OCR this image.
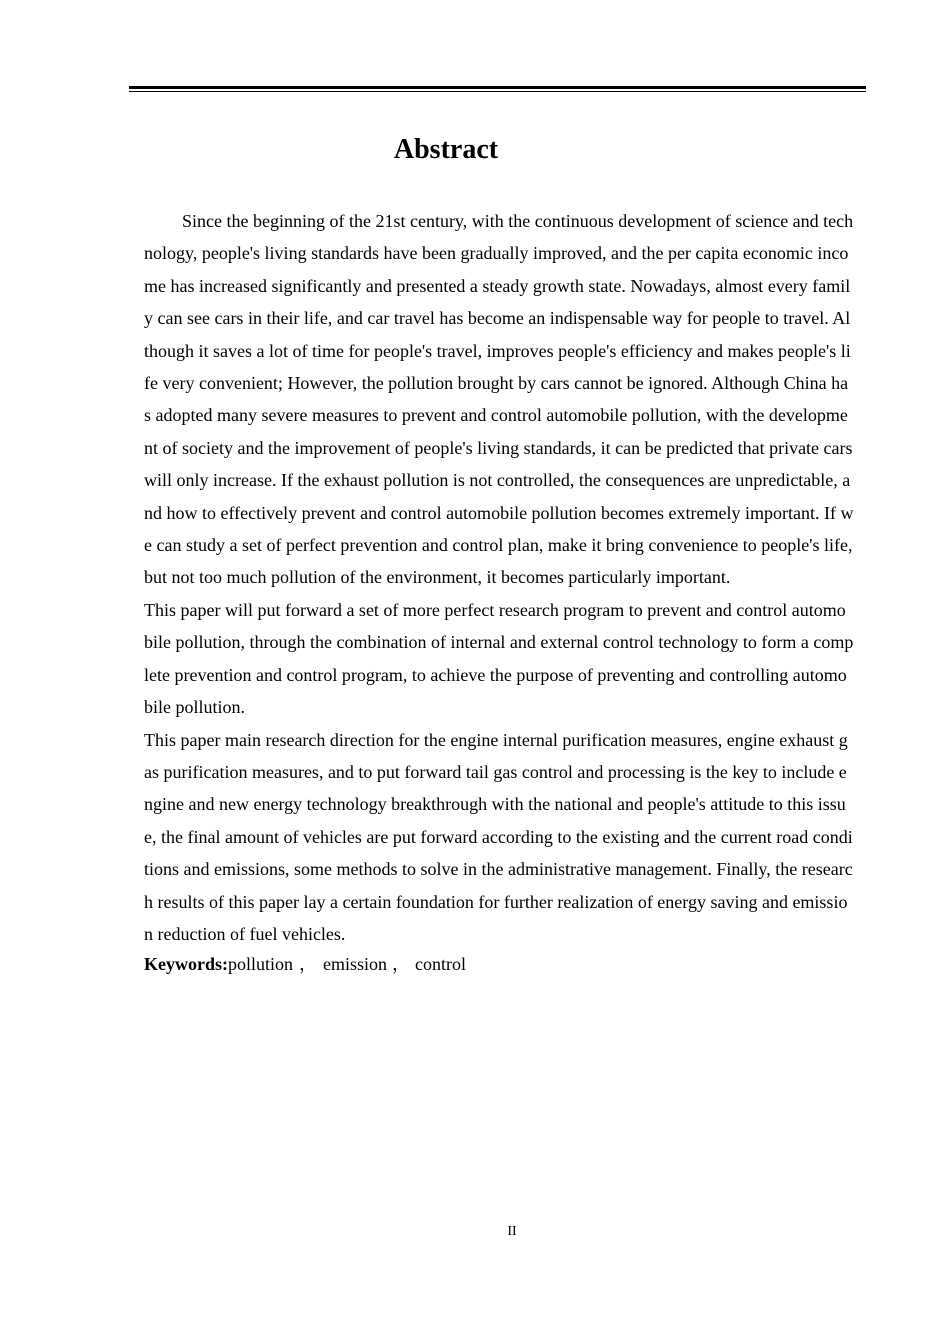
Abstract

Since the beginning of the 21st century, with the continuous development of science and technology, people's living standards have been gradually improved, and the per capita economic income has increased significantly and presented a steady growth state. Nowadays, almost every family can see cars in their life, and car travel has become an indispensable way for people to travel. Although it saves a lot of time for people's travel, improves people's efficiency and makes people's life very convenient; However, the pollution brought by cars cannot be ignored. Although China has adopted many severe measures to prevent and control automobile pollution, with the development of society and the improvement of people's living standards, it can be predicted that private cars will only increase. If the exhaust pollution is not controlled, the consequences are unpredictable, and how to effectively prevent and control automobile pollution becomes extremely important. If we can study a set of perfect prevention and control plan, make it bring convenience to people's life, but not too much pollution of the environment, it becomes particularly important.

This paper will put forward a set of more perfect research program to prevent and control automobile pollution, through the combination of internal and external control technology to form a complete prevention and control program, to achieve the purpose of preventing and controlling automobile pollution.

This paper main research direction for the engine internal purification measures, engine exhaust gas purification measures, and to put forward tail gas control and processing is the key to include engine and new energy technology breakthrough with the national and people's attitude to this issue, the final amount of vehicles are put forward according to the existing and the current road conditions and emissions, some methods to solve in the administrative management. Finally, the research results of this paper lay a certain foundation for further realization of energy saving and emission reduction of fuel vehicles.

Keywords:pollution ， emission ， control

II
